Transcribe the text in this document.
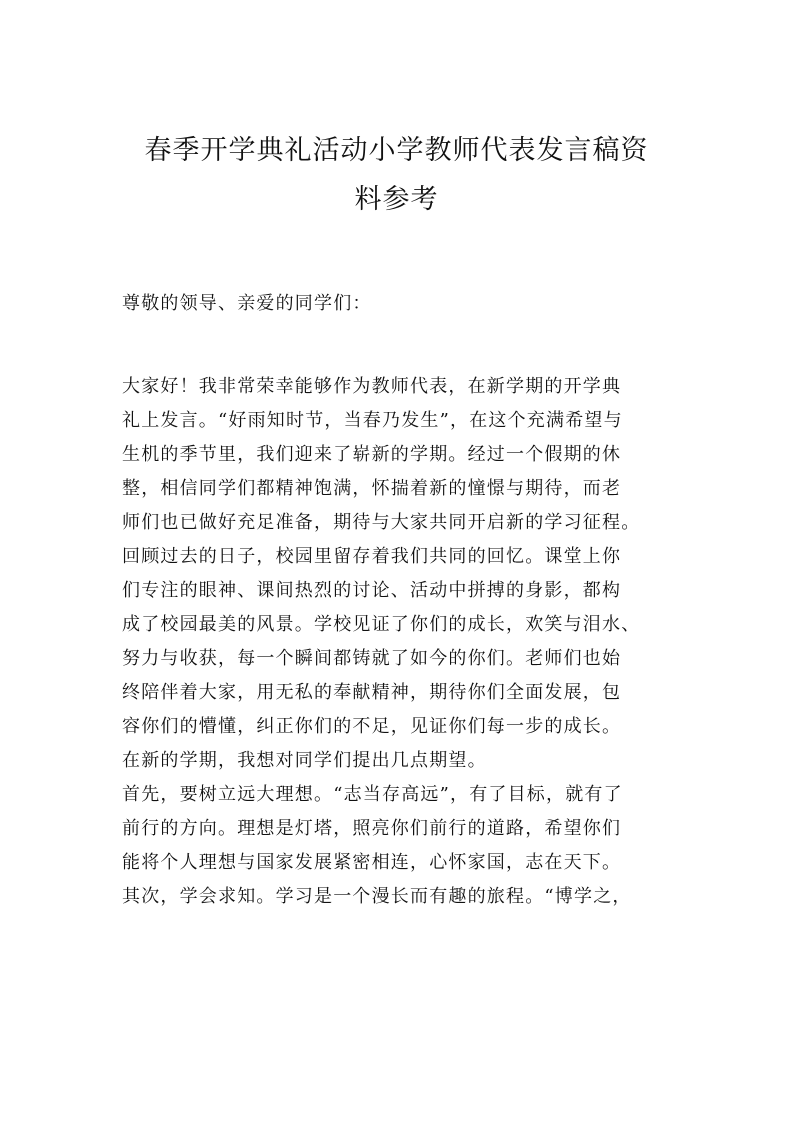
春季开学典礼活动小学教师代表发言稿资
料参考

尊敬的领导、亲爱的同学们：

大家好！我非常荣幸能够作为教师代表，在新学期的开学典
礼上发言。“好雨知时节，当春乃发生”，在这个充满希望与
生机的季节里，我们迎来了崭新的学期。经过一个假期的休
整，相信同学们都精神饱满，怀揣着新的憧憬与期待，而老
师们也已做好充足准备，期待与大家共同开启新的学习征程。
回顾过去的日子，校园里留存着我们共同的回忆。课堂上你
们专注的眼神、课间热烈的讨论、活动中拼搏的身影，都构
成了校园最美的风景。学校见证了你们的成长，欢笑与泪水、
努力与收获，每一个瞬间都铸就了如今的你们。老师们也始
终陪伴着大家，用无私的奉献精神，期待你们全面发展，包
容你们的懵懂，纠正你们的不足，见证你们每一步的成长。
在新的学期，我想对同学们提出几点期望。
首先，要树立远大理想。“志当存高远”，有了目标，就有了
前行的方向。理想是灯塔，照亮你们前行的道路，希望你们
能将个人理想与国家发展紧密相连，心怀家国，志在天下。
其次，学会求知。学习是一个漫长而有趣的旅程。“博学之，
